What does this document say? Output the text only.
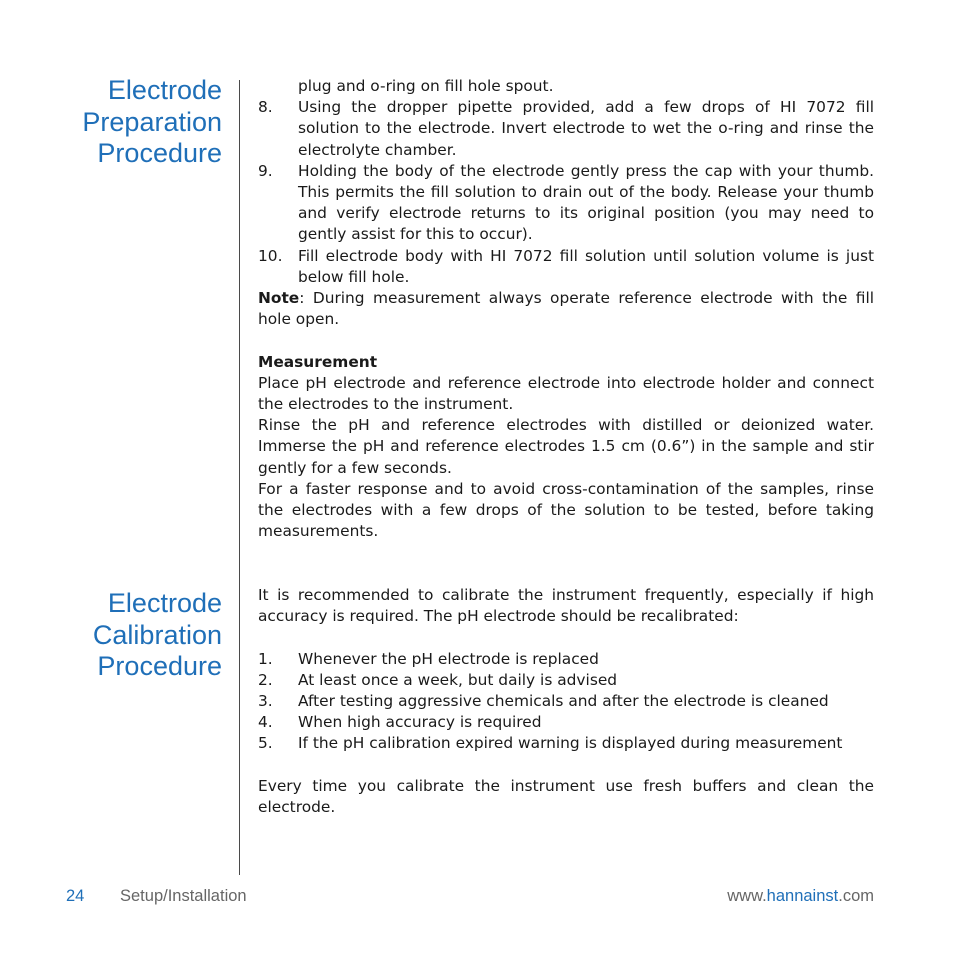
Electrode
Preparation
Procedure
Electrode
Calibration
Procedure

plug and o-ring on fill hole spout.

8. Using the dropper pipette provided, add a few drops of HI 7072 fill solution to the electrode. Invert electrode to wet the o-ring and rinse the electrolyte chamber.
9. Holding the body of the electrode gently press the cap with your thumb. This permits the fill solution to drain out of the body. Release your thumb and verify electrode returns to its original position (you may need to gently assist for this to occur).
10. Fill electrode body with HI 7072 fill solution until solution volume is just below fill hole.

Note: During measurement always operate reference electrode with the fill hole open.

Measurement

Place pH electrode and reference electrode into electrode holder and connect the electrodes to the instrument.

Rinse the pH and reference electrodes with distilled or deionized water. Immerse the pH and reference electrodes 1.5 cm (0.6”) in the sample and stir gently for a few seconds.

For a faster response and to avoid cross-contamination of the samples, rinse the electrodes with a few drops of the solution to be tested, before taking measurements.

It is recommended to calibrate the instrument frequently, especially if high accuracy is required. The pH electrode should be recalibrated:

1. Whenever the pH electrode is replaced
2. At least once a week, but daily is advised
3. After testing aggressive chemicals and after the electrode is cleaned
4. When high accuracy is required
5. If the pH calibration expired warning is displayed during measurement

Every time you calibrate the instrument use fresh buffers and clean the electrode.

24 Setup/Installation	www.hannainst.com
